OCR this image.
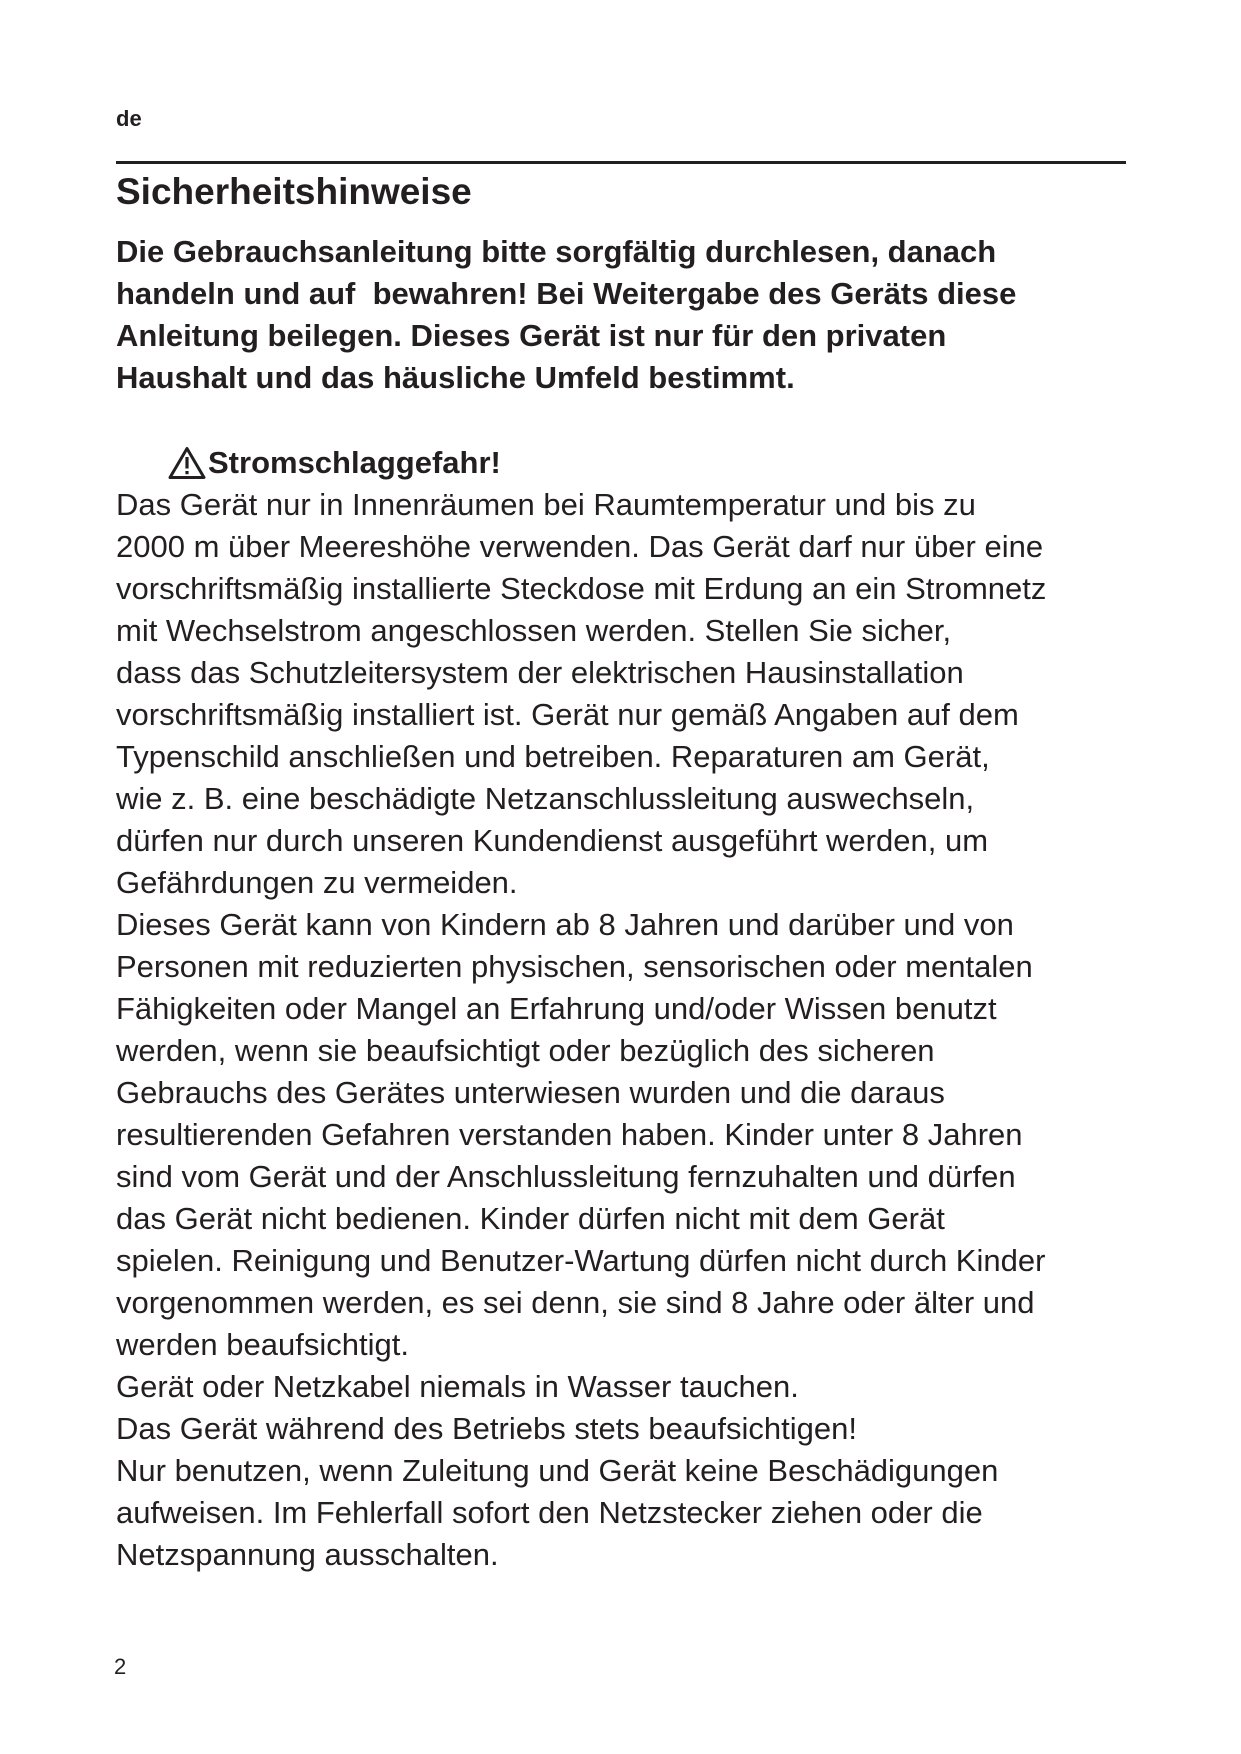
de
Sicherheitshinweise
Die Gebrauchsanleitung bitte sorgfältig durchlesen, danach
handeln und auf  bewahren! Bei Weitergabe des Geräts diese
Anleitung beilegen. Dieses Gerät ist nur für den privaten
Haushalt und das häusliche Umfeld bestimmt.
Stromschlaggefahr!
Das Gerät nur in Innenräumen bei Raumtemperatur und bis zu
2000 m über Meereshöhe verwenden. Das Gerät darf nur über eine
vorschriftsmäßig installierte Steckdose mit Erdung an ein Stromnetz
mit Wechselstrom angeschlossen werden. Stellen Sie sicher,
dass das Schutzleitersystem der elektrischen Hausinstallation
vorschriftsmäßig installiert ist. Gerät nur gemäß Angaben auf dem
Typenschild anschließen und betreiben. Reparaturen am Gerät,
wie z. B. eine beschädigte Netzanschlussleitung auswechseln,
dürfen nur durch unseren Kundendienst ausgeführt werden, um
Gefährdungen zu vermeiden.
Dieses Gerät kann von Kindern ab 8 Jahren und darüber und von
Personen mit reduzierten physischen, sensorischen oder mentalen
Fähigkeiten oder Mangel an Erfahrung und/oder Wissen benutzt
werden, wenn sie beaufsichtigt oder bezüglich des sicheren
Gebrauchs des Gerätes unterwiesen wurden und die daraus
resultierenden Gefahren verstanden haben. Kinder unter 8 Jahren
sind vom Gerät und der Anschlussleitung fernzuhalten und dürfen
das Gerät nicht bedienen. Kinder dürfen nicht mit dem Gerät
spielen. Reinigung und Benutzer-Wartung dürfen nicht durch Kinder
vorgenommen werden, es sei denn, sie sind 8 Jahre oder älter und
werden beaufsichtigt.
Gerät oder Netzkabel niemals in Wasser tauchen.
Das Gerät während des Betriebs stets beaufsichtigen!
Nur benutzen, wenn Zuleitung und Gerät keine Beschädigungen
aufweisen. Im Fehlerfall sofort den Netzstecker ziehen oder die
Netzspannung ausschalten.
2
